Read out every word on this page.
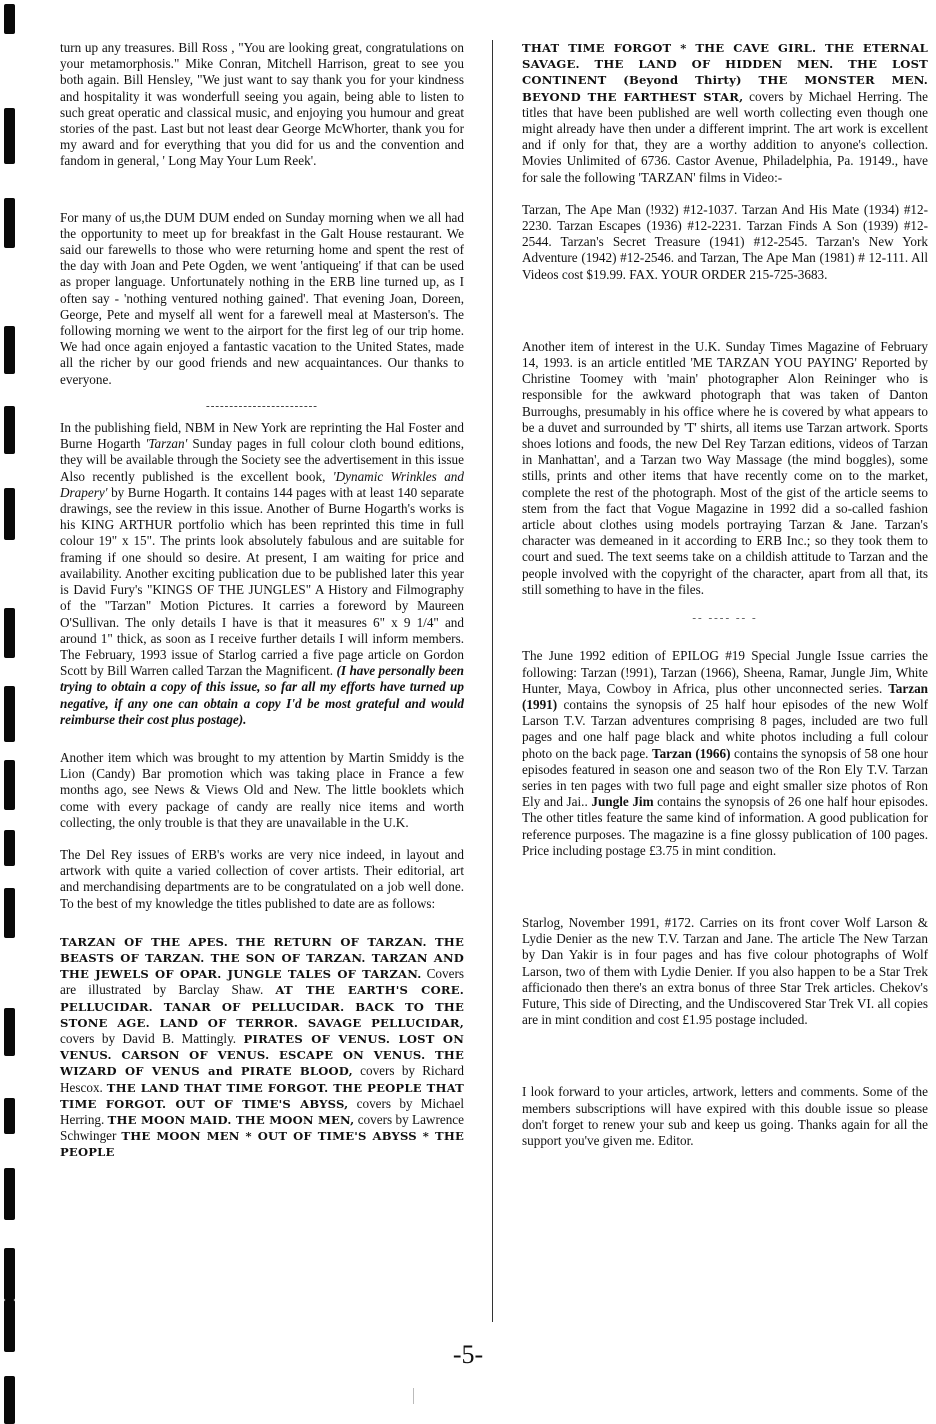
turn up any treasures. Bill Ross , "You are looking great, congratulations on your metamorphosis." Mike Conran, Mitchell Harrison, great to see you both again. Bill Hensley, "We just want to say thank you for your kindness and hospitality it was wonderfull seeing you again, being able to listen to such great operatic and classical music, and enjoying you humour and great stories of the past. Last but not least dear George McWhorter, thank you for my award and for everything that you did for us and the convention and fandom in general, ' Long May Your Lum Reek'.

For many of us,the DUM DUM ended on Sunday morning when we all had the opportunity to meet up for breakfast in the Galt House restaurant. We said our farewells to those who were returning home and spent the rest of the day with Joan and Pete Ogden, we went 'antiqueing' if that can be used as proper language. Unfortunately nothing in the ERB line turned up, as I often say - 'nothing ventured nothing gained'. That evening Joan, Doreen, George, Pete and myself all went for a farewell meal at Masterson's. The following morning we went to the airport for the first leg of our trip home. We had once again enjoyed a fantastic vacation to the United States, made all the richer by our good friends and new acquaintances. Our thanks to everyone.

------------------------

In the publishing field, NBM in New York are reprinting the Hal Foster and Burne Hogarth 'Tarzan' Sunday pages in full colour cloth bound editions, they will be available through the Society see the advertisement in this issue Also recently published is the excellent book, 'Dynamic Wrinkles and Drapery' by Burne Hogarth. It contains 144 pages with at least 140 separate drawings, see the review in this issue. Another of Burne Hogarth's works is his KING ARTHUR portfolio which has been reprinted this time in full colour 19" x 15". The prints look absolutely fabulous and are suitable for framing if one should so desire. At present, I am waiting for price and availability. Another exciting publication due to be published later this year is David Fury's "KINGS OF THE JUNGLES" A History and Filmography of the "Tarzan" Motion Pictures. It carries a foreword by Maureen O'Sullivan. The only details I have is that it measures 6" x 9 1/4" and around 1" thick, as soon as I receive further details I will inform members. The February, 1993 issue of Starlog carried a five page article on Gordon Scott by Bill Warren called Tarzan the Magnificent. (I have personally been trying to obtain a copy of this issue, so far all my efforts have turned up negative, if any one can obtain a copy I'd be most grateful and would reimburse their cost plus postage).

Another item which was brought to my attention by Martin Smiddy is the Lion (Candy) Bar promotion which was taking place in France a few months ago, see News & Views Old and New. The little booklets which come with every package of candy are really nice items and worth collecting, the only trouble is that they are unavailable in the U.K.

The Del Rey issues of ERB's works are very nice indeed, in layout and artwork with quite a varied collection of cover artists. Their editorial, art and merchandising departments are to be congratulated on a job well done. To the best of my knowledge the titles published to date are as follows:

TARZAN OF THE APES. THE RETURN OF TARZAN. THE BEASTS OF TARZAN. THE SON OF TARZAN. TARZAN AND THE JEWELS OF OPAR. JUNGLE TALES OF TARZAN. Covers are illustrated by Barclay Shaw. AT THE EARTH'S CORE. PELLUCIDAR. TANAR OF PELLUCIDAR. BACK TO THE STONE AGE. LAND OF TERROR. SAVAGE PELLUCIDAR, covers by David B. Mattingly. PIRATES OF VENUS. LOST ON VENUS. CARSON OF VENUS. ESCAPE ON VENUS. THE WIZARD OF VENUS and PIRATE BLOOD, covers by Richard Hescox. THE LAND THAT TIME FORGOT. THE PEOPLE THAT TIME FORGOT. OUT OF TIME'S ABYSS, covers by Michael Herring. THE MOON MAID. THE MOON MEN, covers by Lawrence Schwinger THE MOON MEN * OUT OF TIME'S ABYSS * THE PEOPLE

THAT TIME FORGOT * THE CAVE GIRL. THE ETERNAL SAVAGE. THE LAND OF HIDDEN MEN. THE LOST CONTINENT (Beyond Thirty) THE MONSTER MEN. BEYOND THE FARTHEST STAR, covers by Michael Herring. The titles that have been published are well worth collecting even though one might already have then under a different imprint. The art work is excellent and if only for that, they are a worthy addition to anyone's collection. Movies Unlimited of 6736. Castor Avenue, Philadelphia, Pa. 19149., have for sale the following 'TARZAN' films in Video:-

Tarzan, The Ape Man (!932) #12-1037. Tarzan And His Mate (1934) #12-2230. Tarzan Escapes (1936) #12-2231. Tarzan Finds A Son (1939) #12-2544. Tarzan's Secret Treasure (1941) #12-2545. Tarzan's New York Adventure (1942) #12-2546. and Tarzan, The Ape Man (1981) # 12-111. All Videos cost $19.99. FAX. YOUR ORDER 215-725-3683.

Another item of interest in the U.K. Sunday Times Magazine of February 14, 1993. is an article entitled 'ME TARZAN YOU PAYING' Reported by Christine Toomey with 'main' photographer Alon Reininger who is responsible for the awkward photograph that was taken of Danton Burroughs, presumably in his office where he is covered by what appears to be a duvet and surrounded by 'T' shirts, all items use Tarzan artwork. Sports shoes lotions and foods, the new Del Rey Tarzan editions, videos of Tarzan in Manhattan', and a Tarzan two Way Massage (the mind boggles), some stills, prints and other items that have recently come on to the market, complete the rest of the photograph. Most of the gist of the article seems to stem from the fact that Vogue Magazine in 1992 did a so-called fashion article about clothes using models portraying Tarzan & Jane. Tarzan's character was demeaned in it according to ERB Inc.; so they took them to court and sued. The text seems take on a childish attitude to Tarzan and the people involved with the copyright of the character, apart from all that, its still something to have in the files.

-- ---- -- -

The June 1992 edition of EPILOG #19 Special Jungle Issue carries the following: Tarzan (!991), Tarzan (1966), Sheena, Ramar, Jungle Jim, White Hunter, Maya, Cowboy in Africa, plus other unconnected series. Tarzan (1991) contains the synopsis of 25 half hour episodes of the new Wolf Larson T.V. Tarzan adventures comprising 8 pages, included are two full pages and one half page black and white photos including a full colour photo on the back page. Tarzan (1966) contains the synopsis of 58 one hour episodes featured in season one and season two of the Ron Ely T.V. Tarzan series in ten pages with two full page and eight smaller size photos of Ron Ely and Jai.. Jungle Jim contains the synopsis of 26 one half hour episodes. The other titles feature the same kind of information. A good publication for reference purposes. The magazine is a fine glossy publication of 100 pages. Price including postage £3.75 in mint condition.

Starlog, November 1991, #172. Carries on its front cover Wolf Larson & Lydie Denier as the new T.V. Tarzan and Jane. The article The New Tarzan by Dan Yakir is in four pages and has five colour photographs of Wolf Larson, two of them with Lydie Denier. If you also happen to be a Star Trek afficionado then there's an extra bonus of three Star Trek articles. Chekov's Future, This side of Directing, and the Undiscovered Star Trek VI. all copies are in mint condition and cost £1.95 postage included.

I look forward to your articles, artwork, letters and comments. Some of the members subscriptions will have expired with this double issue so please don't forget to renew your sub and keep us going. Thanks again for all the support you've given me. Editor.

-5-
